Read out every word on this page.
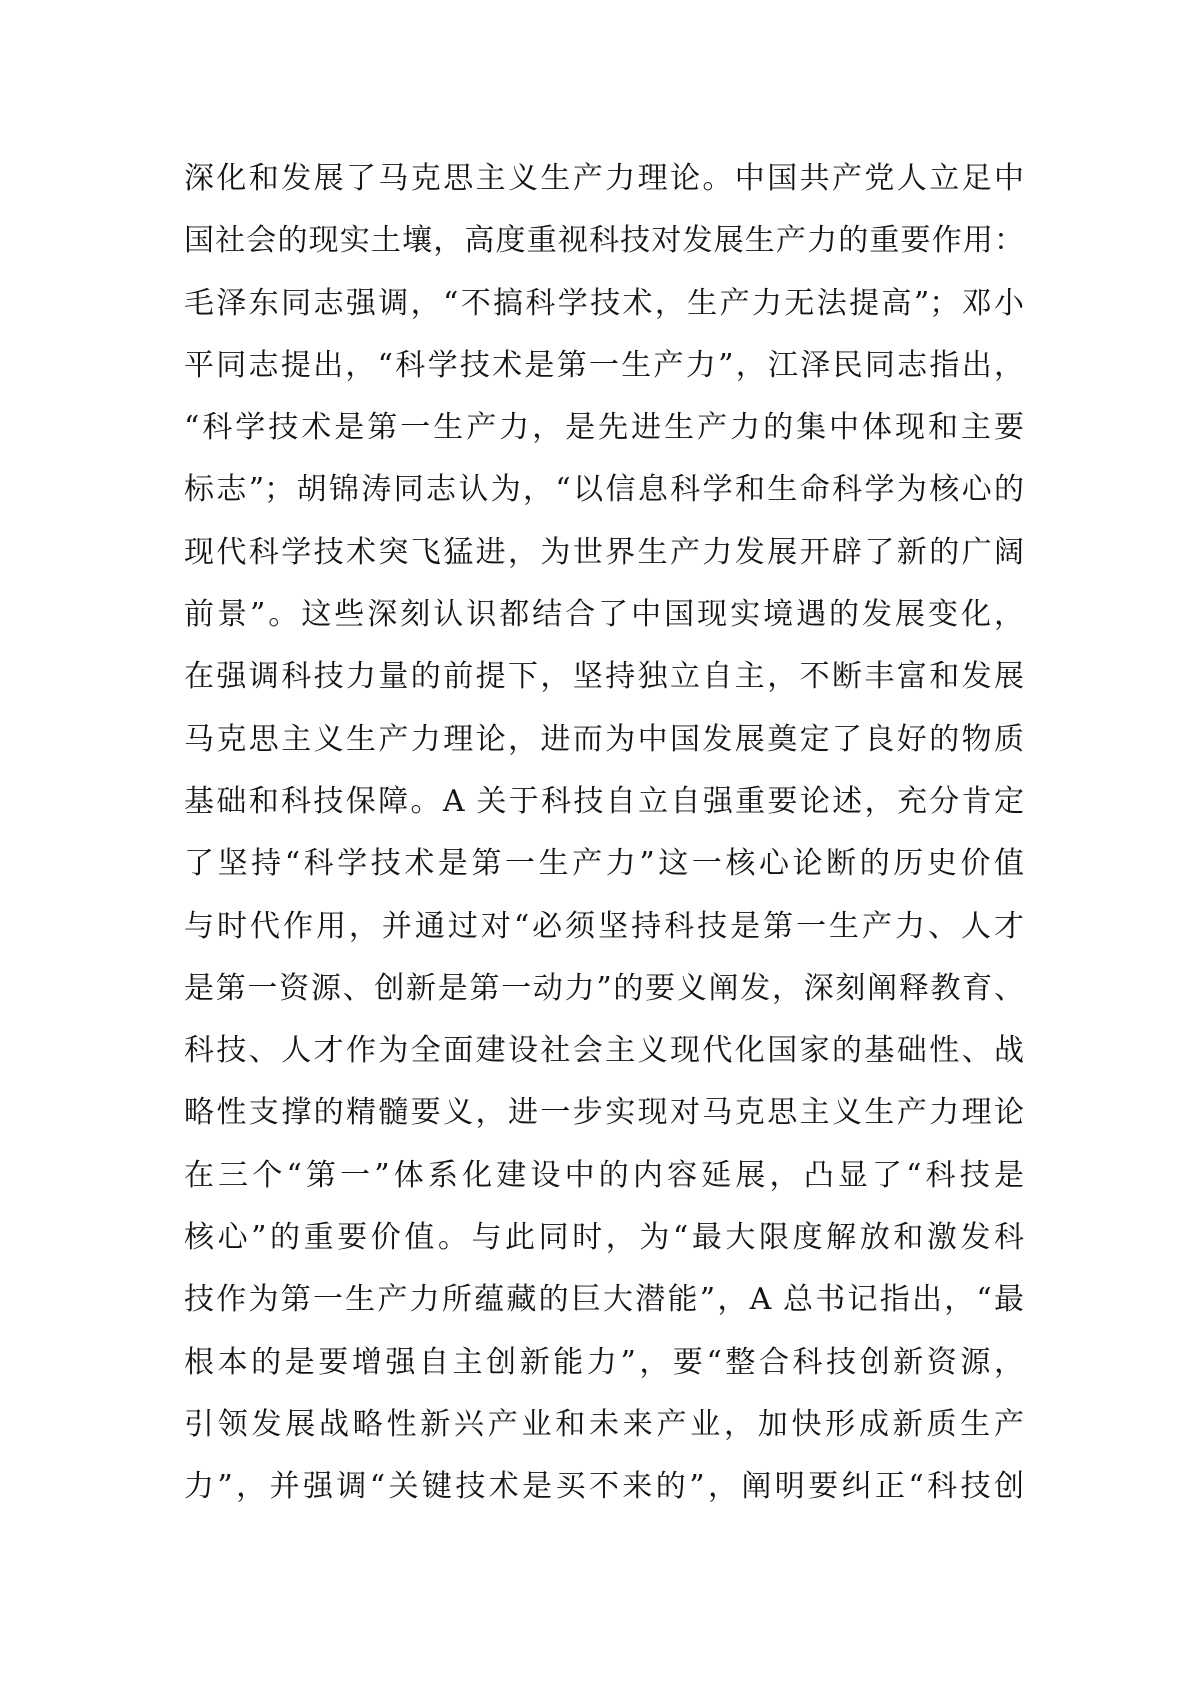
深化和发展了马克思主义生产力理论。中国共产党人立足中
国社会的现实土壤，高度重视科技对发展生产力的重要作用：
毛泽东同志强调，“不搞科学技术，生产力无法提高”；邓小
平同志提出，“科学技术是第一生产力”，江泽民同志指出，
“科学技术是第一生产力，是先进生产力的集中体现和主要
标志”；胡锦涛同志认为，“以信息科学和生命科学为核心的
现代科学技术突飞猛进，为世界生产力发展开辟了新的广阔
前景”。这些深刻认识都结合了中国现实境遇的发展变化，
在强调科技力量的前提下，坚持独立自主，不断丰富和发展
马克思主义生产力理论，进而为中国发展奠定了良好的物质
基础和科技保障。A 关于科技自立自强重要论述，充分肯定
了坚持“科学技术是第一生产力”这一核心论断的历史价值
与时代作用，并通过对“必须坚持科技是第一生产力、人才
是第一资源、创新是第一动力”的要义阐发，深刻阐释教育、
科技、人才作为全面建设社会主义现代化国家的基础性、战
略性支撑的精髓要义，进一步实现对马克思主义生产力理论
在三个“第一”体系化建设中的内容延展，凸显了“科技是
核心”的重要价值。与此同时，为“最大限度解放和激发科
技作为第一生产力所蕴藏的巨大潜能”，A 总书记指出，“最
根本的是要增强自主创新能力”，要“整合科技创新资源，
引领发展战略性新兴产业和未来产业，加快形成新质生产
力”，并强调“关键技术是买不来的”，阐明要纠正“科技创
